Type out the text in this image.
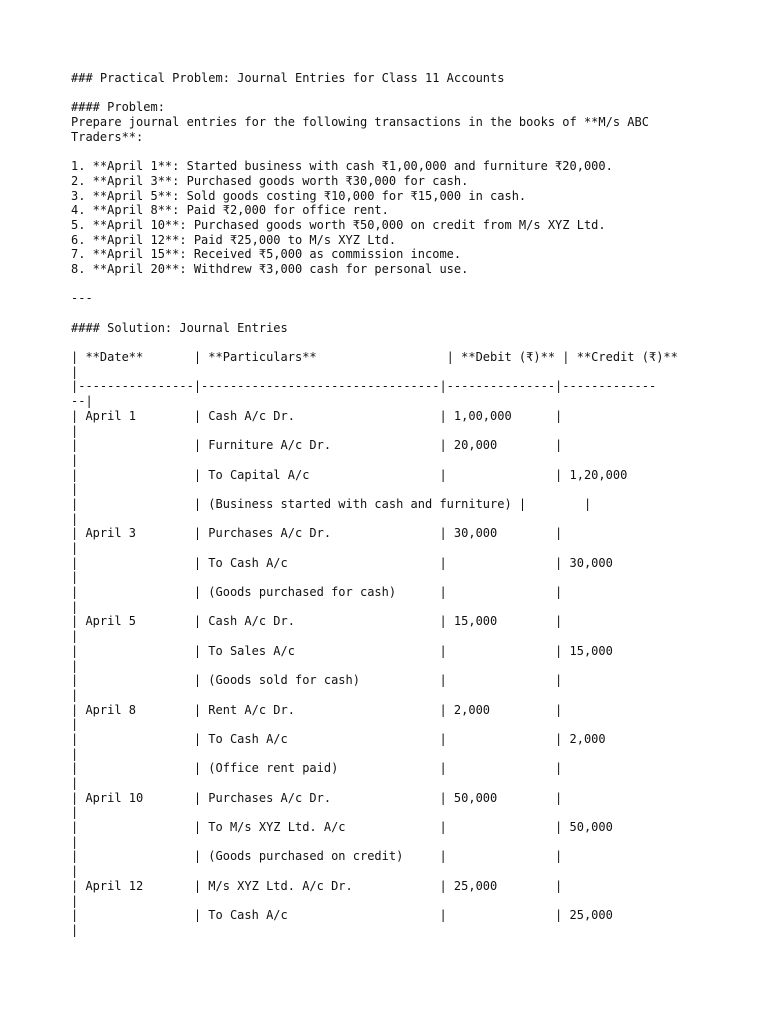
### Practical Problem: Journal Entries for Class 11 Accounts
#### Problem:
Prepare journal entries for the following transactions in the books of **M/s ABC
Traders**:
1. **April 1**: Started business with cash ₹1,00,000 and furniture ₹20,000.
2. **April 3**: Purchased goods worth ₹30,000 for cash.
3. **April 5**: Sold goods costing ₹10,000 for ₹15,000 in cash.
4. **April 8**: Paid ₹2,000 for office rent.
5. **April 10**: Purchased goods worth ₹50,000 on credit from M/s XYZ Ltd.
6. **April 12**: Paid ₹25,000 to M/s XYZ Ltd.
7. **April 15**: Received ₹5,000 as commission income.
8. **April 20**: Withdrew ₹3,000 cash for personal use.
---
#### Solution: Journal Entries
| **Date**       | **Particulars**                  | **Debit (₹)** | **Credit (₹)**
|
|----------------|---------------------------------|---------------|-------------
--|
| April 1        | Cash A/c Dr.                    | 1,00,000      |
|
|                | Furniture A/c Dr.               | 20,000        |
|
|                | To Capital A/c                  |               | 1,20,000
|
|                | (Business started with cash and furniture) |        |
|
| April 3        | Purchases A/c Dr.               | 30,000        |
|
|                | To Cash A/c                     |               | 30,000
|
|                | (Goods purchased for cash)      |               |
|
| April 5        | Cash A/c Dr.                    | 15,000        |
|
|                | To Sales A/c                    |               | 15,000
|
|                | (Goods sold for cash)           |               |
|
| April 8        | Rent A/c Dr.                    | 2,000         |
|
|                | To Cash A/c                     |               | 2,000
|
|                | (Office rent paid)              |               |
|
| April 10       | Purchases A/c Dr.               | 50,000        |
|
|                | To M/s XYZ Ltd. A/c             |               | 50,000
|
|                | (Goods purchased on credit)     |               |
|
| April 12       | M/s XYZ Ltd. A/c Dr.            | 25,000        |
|
|                | To Cash A/c                     |               | 25,000
|
